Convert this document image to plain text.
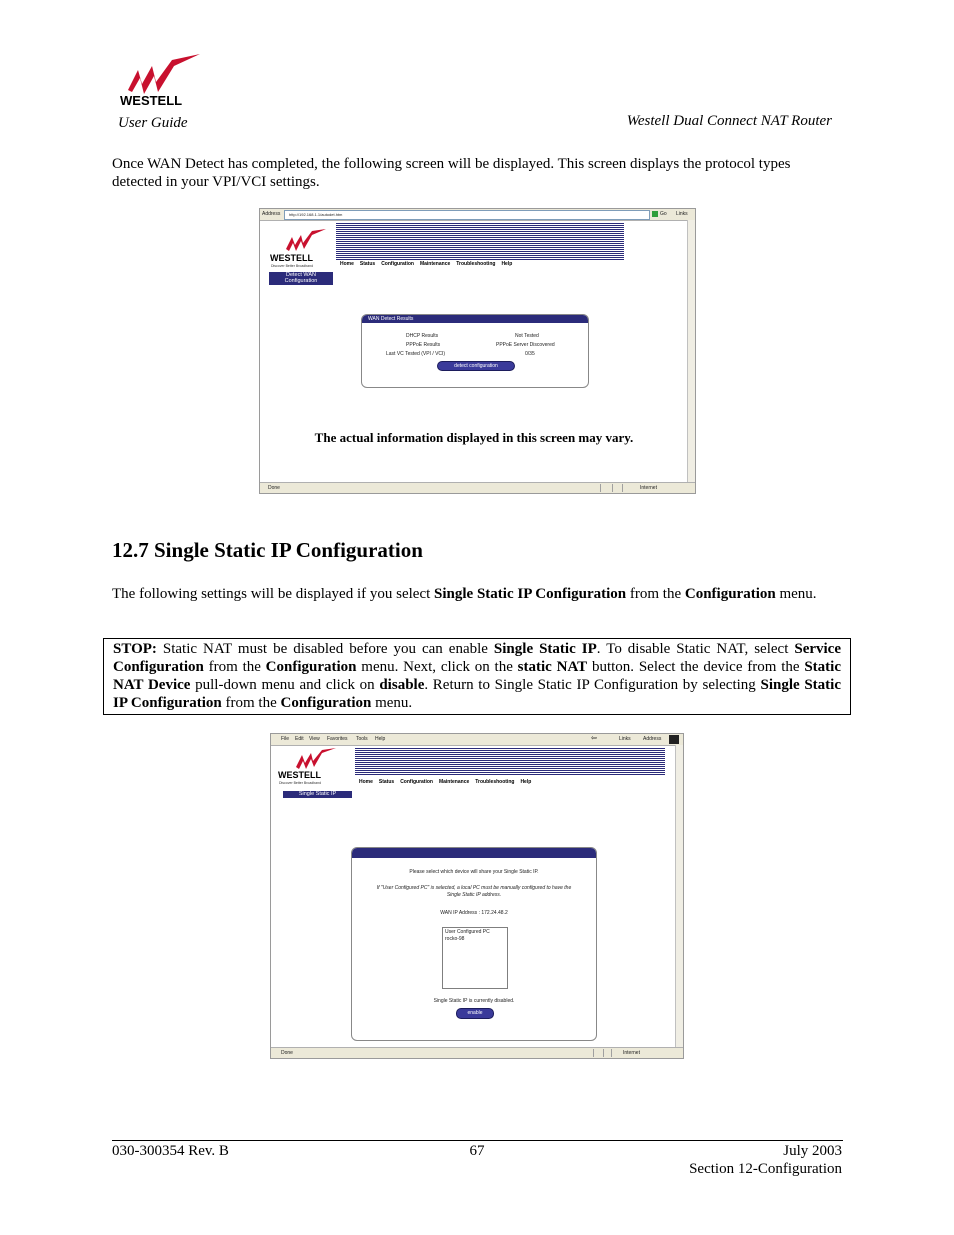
WESTELL
User Guide	Westell Dual Connect NAT Router
Once WAN Detect has completed, the following screen will be displayed. This screen displays the protocol types detected in your VPI/VCI settings.
Address http://192.168.1.1/autodet.htm	Go Links
WESTELL
Discover Better Broadband	Home Status Configuration Maintenance Troubleshooting Help
Detect WAN Configuration
WAN Detect Results
DHCP Results	Not Tested
PPPoE Results	PPPoE Server Discovered
Last VC Tested (VPI / VCI)	0/35
detect configuration
The actual information displayed in this screen may vary.
Done	Internet
12.7 Single Static IP Configuration
The following settings will be displayed if you select Single Static IP Configuration from the Configuration menu.
STOP: Static NAT must be disabled before you can enable Single Static IP. To disable Static NAT, select Service Configuration from the Configuration menu. Next, click on the static NAT button. Select the device from the Static NAT Device pull-down menu and click on disable. Return to Single Static IP Configuration by selecting Single Static IP Configuration from the Configuration menu.
File Edit View Favorites Tools Help	⇦	Links Address
WESTELL
Discover Better Broadband	Home Status Configuration Maintenance Troubleshooting Help
Single Static IP
Please select which device will share your Single Static IP.
If "User Configured PC" is selected, a local PC must be manually configured to have the Single Static IP address.
WAN IP Address : 172.24.48.2
User Configured PC
rocko-98
Single Static IP is currently disabled.
enable
Done	Internet
030-300354 Rev. B	67	July 2003
Section 12-Configuration
